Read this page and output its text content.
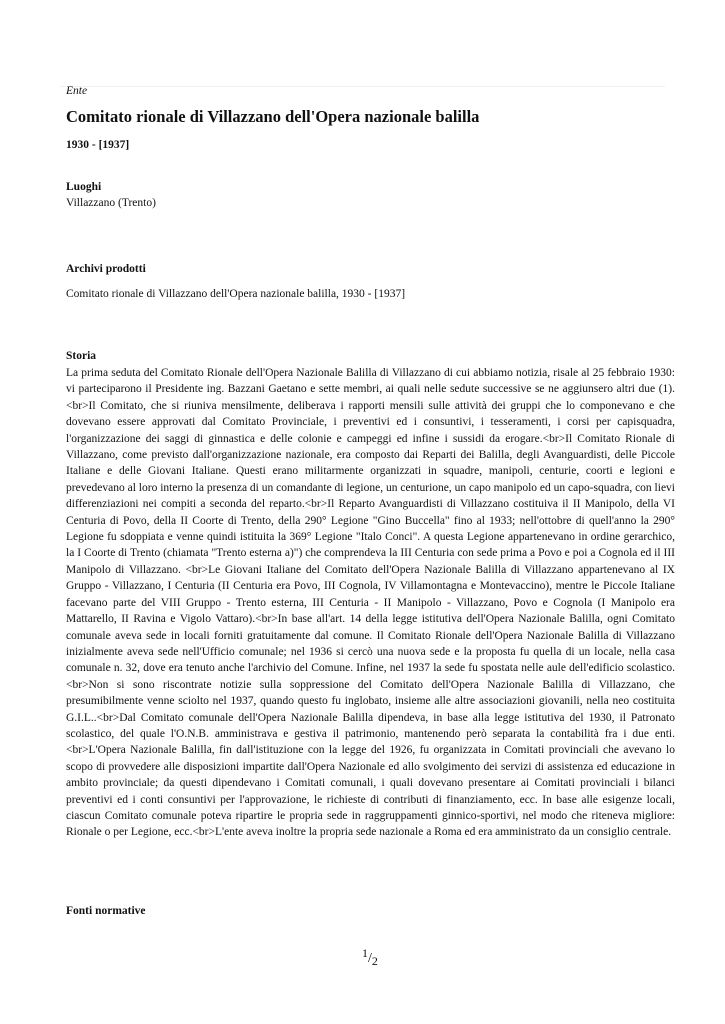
Ente
Comitato rionale di Villazzano dell'Opera nazionale balilla
1930 - [1937]
Luoghi
Villazzano (Trento)
Archivi prodotti
Comitato rionale di Villazzano dell'Opera nazionale balilla, 1930 - [1937]
Storia

La prima seduta del Comitato Rionale dell'Opera Nazionale Balilla di Villazzano di cui abbiamo notizia, risale al 25 febbraio 1930: vi parteciparono il Presidente ing. Bazzani Gaetano e sette membri, ai quali nelle sedute successive se ne aggiunsero altri due (1).<br>Il Comitato, che si riuniva mensilmente, deliberava i rapporti mensili sulle attività dei gruppi che lo componevano e che dovevano essere approvati dal Comitato Provinciale, i preventivi ed i consuntivi, i tesseramenti, i corsi per capisquadra, l'organizzazione dei saggi di ginnastica e delle colonie e campeggi ed infine i sussidi da erogare.<br>Il Comitato Rionale di Villazzano, come previsto dall'organizzazione nazionale, era composto dai Reparti dei Balilla, degli Avanguardisti, delle Piccole Italiane e delle Giovani Italiane. Questi erano militarmente organizzati in squadre, manipoli, centurie, coorti e legioni e prevedevano al loro interno la presenza di un comandante di legione, un centurione, un capo manipolo ed un capo-squadra, con lievi differenziazioni nei compiti a seconda del reparto.<br>Il Reparto Avanguardisti di Villazzano costituiva il II Manipolo, della VI Centuria di Povo, della II Coorte di Trento, della 290° Legione "Gino Buccella" fino al 1933; nell'ottobre di quell'anno la 290° Legione fu sdoppiata e venne quindi istituita la 369° Legione "Italo Conci". A questa Legione appartenevano in ordine gerarchico, la I Coorte di Trento (chiamata "Trento esterna a)") che comprendeva la III Centuria con sede prima a Povo e poi a Cognola ed il III Manipolo di Villazzano. <br>Le Giovani Italiane del Comitato dell'Opera Nazionale Balilla di Villazzano appartenevano al IX Gruppo - Villazzano, I Centuria (II Centuria era Povo, III Cognola, IV Villamontagna e Montevaccino), mentre le Piccole Italiane facevano parte del VIII Gruppo - Trento esterna, III Centuria - II Manipolo - Villazzano, Povo e Cognola (I Manipolo era Mattarello, II Ravina e Vigolo Vattaro).<br>In base all'art. 14 della legge istitutiva dell'Opera Nazionale Balilla, ogni Comitato comunale aveva sede in locali forniti gratuitamente dal comune. Il Comitato Rionale dell'Opera Nazionale Balilla di Villazzano inizialmente aveva sede nell'Ufficio comunale; nel 1936 si cercò una nuova sede e la proposta fu quella di un locale, nella casa comunale n. 32, dove era tenuto anche l'archivio del Comune. Infine, nel 1937 la sede fu spostata nelle aule dell'edificio scolastico.<br>Non si sono riscontrate notizie sulla soppressione del Comitato dell'Opera Nazionale Balilla di Villazzano, che presumibilmente venne sciolto nel 1937, quando questo fu inglobato, insieme alle altre associazioni giovanili, nella neo costituita G.I.L..<br>Dal Comitato comunale dell'Opera Nazionale Balilla dipendeva, in base alla legge istitutiva del 1930, il Patronato scolastico, del quale l'O.N.B. amministrava e gestiva il patrimonio, mantenendo però separata la contabilità fra i due enti.<br>L'Opera Nazionale Balilla, fin dall'istituzione con la legge del 1926, fu organizzata in Comitati provinciali che avevano lo scopo di provvedere alle disposizioni impartite dall'Opera Nazionale ed allo svolgimento dei servizi di assistenza ed educazione in ambito provinciale; da questi dipendevano i Comitati comunali, i quali dovevano presentare ai Comitati provinciali i bilanci preventivi ed i conti consuntivi per l'approvazione, le richieste di contributi di finanziamento, ecc. In base alle esigenze locali, ciascun Comitato comunale poteva ripartire le propria sede in raggruppamenti ginnico-sportivi, nel modo che riteneva migliore: Rionale o per Legione, ecc.<br>L'ente aveva inoltre la propria sede nazionale a Roma ed era amministrato da un consiglio centrale.

Fonti normative
1/2
